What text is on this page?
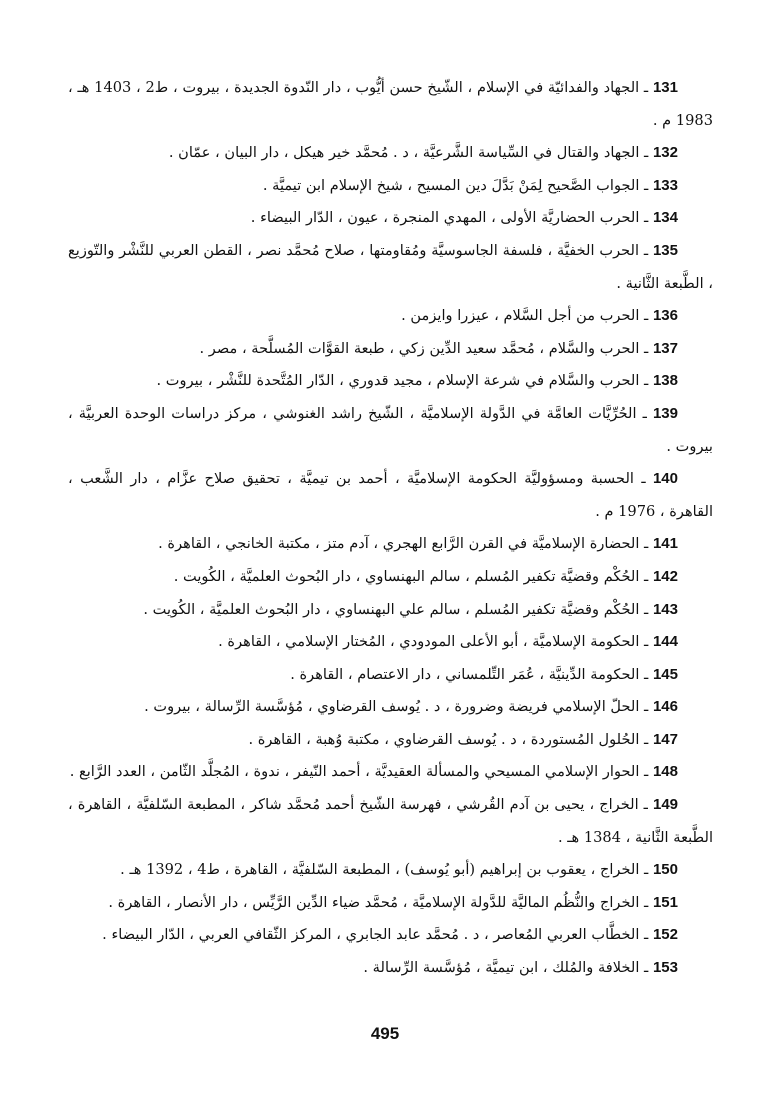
131 ـ الجهاد والفدائيّة في الإسلام ، الشّيخ حسن أيُّوب ، دار النّدوة الجديدة ، بيروت ، ط2 ، 1403 هـ ، 1983 م .

132 ـ الجهاد والقتال في السِّياسة الشَّرعيَّة ، د . مُحمَّد خير هيكل ، دار البيان ، عمّان .

133 ـ الجواب الصَّحيح لِمَنْ بَدَّلَ دين المسيح ، شيخ الإسلام ابن تيميَّة .

134 ـ الحرب الحضاريَّة الأولى ، المهدي المنجرة ، عيون ، الدّار البيضاء .

135 ـ الحرب الخفيَّة ، فلسفة الجاسوسيَّة ومُقاومتها ، صلاح مُحمَّد نصر ، القطن العربي للنَّشْر والتّوزيع ، الطَّبعة الثَّانية .

136 ـ الحرب من أجل السَّلام ، عيزرا وايزمن .

137 ـ الحرب والسَّلام ، مُحمَّد سعيد الدِّين زكي ، طبعة القوَّات المُسلَّحة ، مصر .

138 ـ الحرب والسَّلام في شرعة الإسلام ، مجيد قدوري ، الدّار المُتَّحدة للنَّشْر ، بيروت .

139 ـ الحُرِّيَّات العامَّة في الدَّولة الإسلاميَّة ، الشّيخ راشد الغنوشي ، مركز دراسات الوحدة العربيَّة ، بيروت .

140 ـ الحسبة ومسؤوليَّة الحكومة الإسلاميَّة ، أحمد بن تيميَّة ، تحقيق صلاح عزَّام ، دار الشَّعب ، القاهرة ، 1976 م .

141 ـ الحضارة الإسلاميَّة في القرن الرَّابع الهجري ، آدم متز ، مكتبة الخانجي ، القاهرة .

142 ـ الحُكْم وقضيَّة تكفير المُسلم ، سالم البهنساوي ، دار البُحوث العلميَّة ، الكُويت .

143 ـ الحُكْم وقضيَّة تكفير المُسلم ، سالم علي البهنساوي ، دار البُحوث العلميَّة ، الكُويت .

144 ـ الحكومة الإسلاميَّة ، أبو الأعلى المودودي ، المُختار الإسلامي ، القاهرة .

145 ـ الحكومة الدِّينيَّة ، عُمَر التِّلمساني ، دار الاعتصام ، القاهرة .

146 ـ الحلّ الإسلامي فريضة وضرورة ، د . يُوسف القرضاوي ، مُؤسَّسة الرِّسالة ، بيروت .

147 ـ الحُلول المُستوردة ، د . يُوسف القرضاوي ، مكتبة وُهبة ، القاهرة .

148 ـ الحوار الإسلامي المسيحي والمسألة العقيديَّة ، أحمد النّيفر ، ندوة ، المُجلَّد الثّامن ، العدد الرَّابع .

149 ـ الخراج ، يحيى بن آدم القُرشي ، فهرسة الشّيخ أحمد مُحمَّد شاكر ، المطبعة السّلفيَّة ، القاهرة ، الطَّبعة الثَّانية ، 1384 هـ .

150 ـ الخراج ، يعقوب بن إبراهيم (أبو يُوسف) ، المطبعة السّلفيَّة ، القاهرة ، ط4 ، 1392 هـ .

151 ـ الخراج والنُّظُم الماليَّة للدَّولة الإسلاميَّة ، مُحمَّد ضياء الدِّين الرَّيِّس ، دار الأنصار ، القاهرة .

152 ـ الخطَّاب العربي المُعاصر ، د . مُحمَّد عابد الجابري ، المركز الثّقافي العربي ، الدّار البيضاء .

153 ـ الخلافة والمُلك ، ابن تيميَّة ، مُؤسَّسة الرِّسالة .

495
